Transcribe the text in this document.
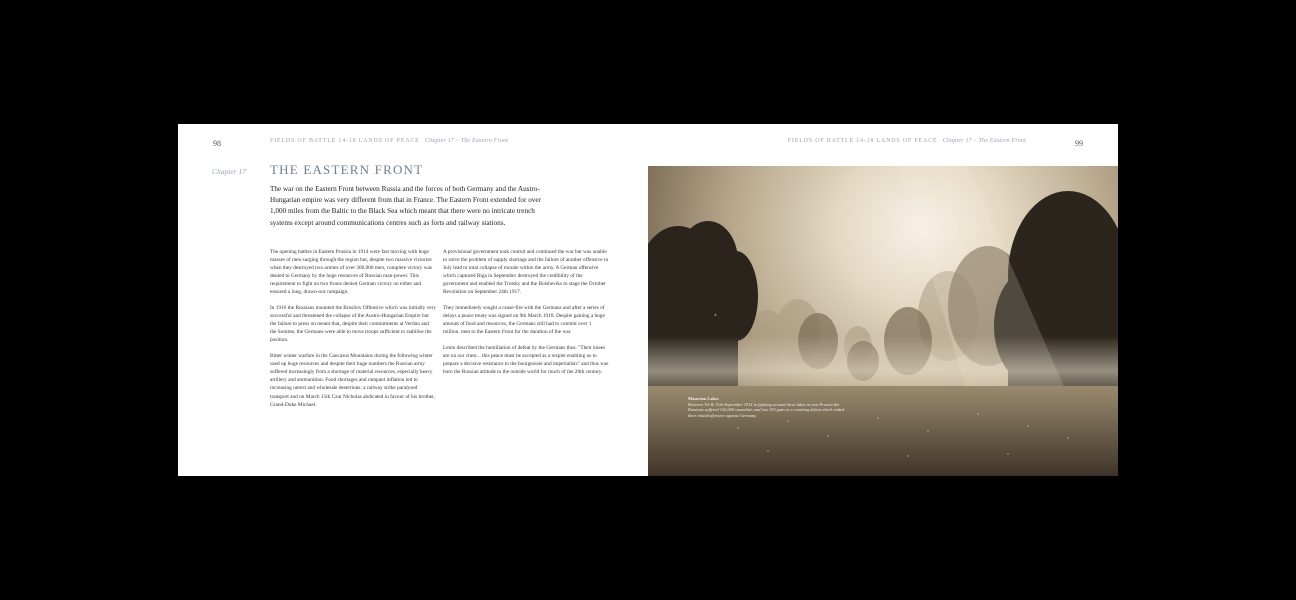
98	FIELDS OF BATTLE 14-18 LANDS OF PEACE Chapter 17 – The Eastern Front
Chapter 17 THE EASTERN FRONT

The war on the Eastern Front between Russia and the forces of both Germany and the Austro-Hungarian empire was very different from that in France. The Eastern Front extended for over 1,000 miles from the Baltic to the Black Sea which meant that there were no intricate trench systems except around communications centres such as forts and railway stations.

The opening battles in Eastern Prussia in 1914 were fast moving with huge masses of men surging through the region but, despite two massive victories when they destroyed two armies of over 300,000 men, complete victory was denied to Germany by the huge resources of Russian man-power. This requirement to fight on two fronts denied German victory on either and ensured a long, drawn-out campaign.

In 1916 the Russians mounted the Brusilov Offensive which was initially very successful and threatened the collapse of the Austro-Hungarian Empire but the failure to press on meant that, despite their commitments at Verdun and the Somme, the Germans were able to move troops sufficient to stabilise the position.

Bitter winter warfare in the Caucasus Mountains during the following winter used up huge resources and despite their huge numbers the Russian army suffered increasingly from a shortage of material resources, especially heavy artillery and ammunition. Food shortages and rampant inflation led to increasing unrest and wholesale desertions: a railway strike paralysed transport and on March 15th Czar Nicholas abdicated in favour of his brother, Grand-Duke Michael.

A provisional government took control and continued the war but was unable to solve the problem of supply shortage and the failure of another offensive in July lead to total collapse of morale within the army. A German offensive which captured Riga in September destroyed the credibility of the government and enabled the Trotsky and the Bolsheviks to stage the October Revolution on September 24th 1917.

They immediately sought a cease-fire with the Germans and after a series of delays a peace treaty was signed on 9th March 1918. Despite gaining a huge amount of food and resources, the Germans still had to commit over 1 million. men to the Eastern Front for the duration of the war.

Lenin described the humiliation of defeat by the Germans thus. "Their knees are on our chest... this peace must be accepted as a respite enabling us to prepare a decisive resistance to the bourgeoisie and imperialists" and thus was born the Russian attitude to the outside world for much of the 20th century.

FIELDS OF BATTLE 14-18 LANDS OF PEACE Chapter 17 – The Eastern Front	99
Masurian Lakes
Between 7th & 15th September 1914 in fighting around these lakes in east Prussia the Russians suffered 150,000 casualties and lost 150 guns in a crushing defeat which ended their initial offensive against Germany.
